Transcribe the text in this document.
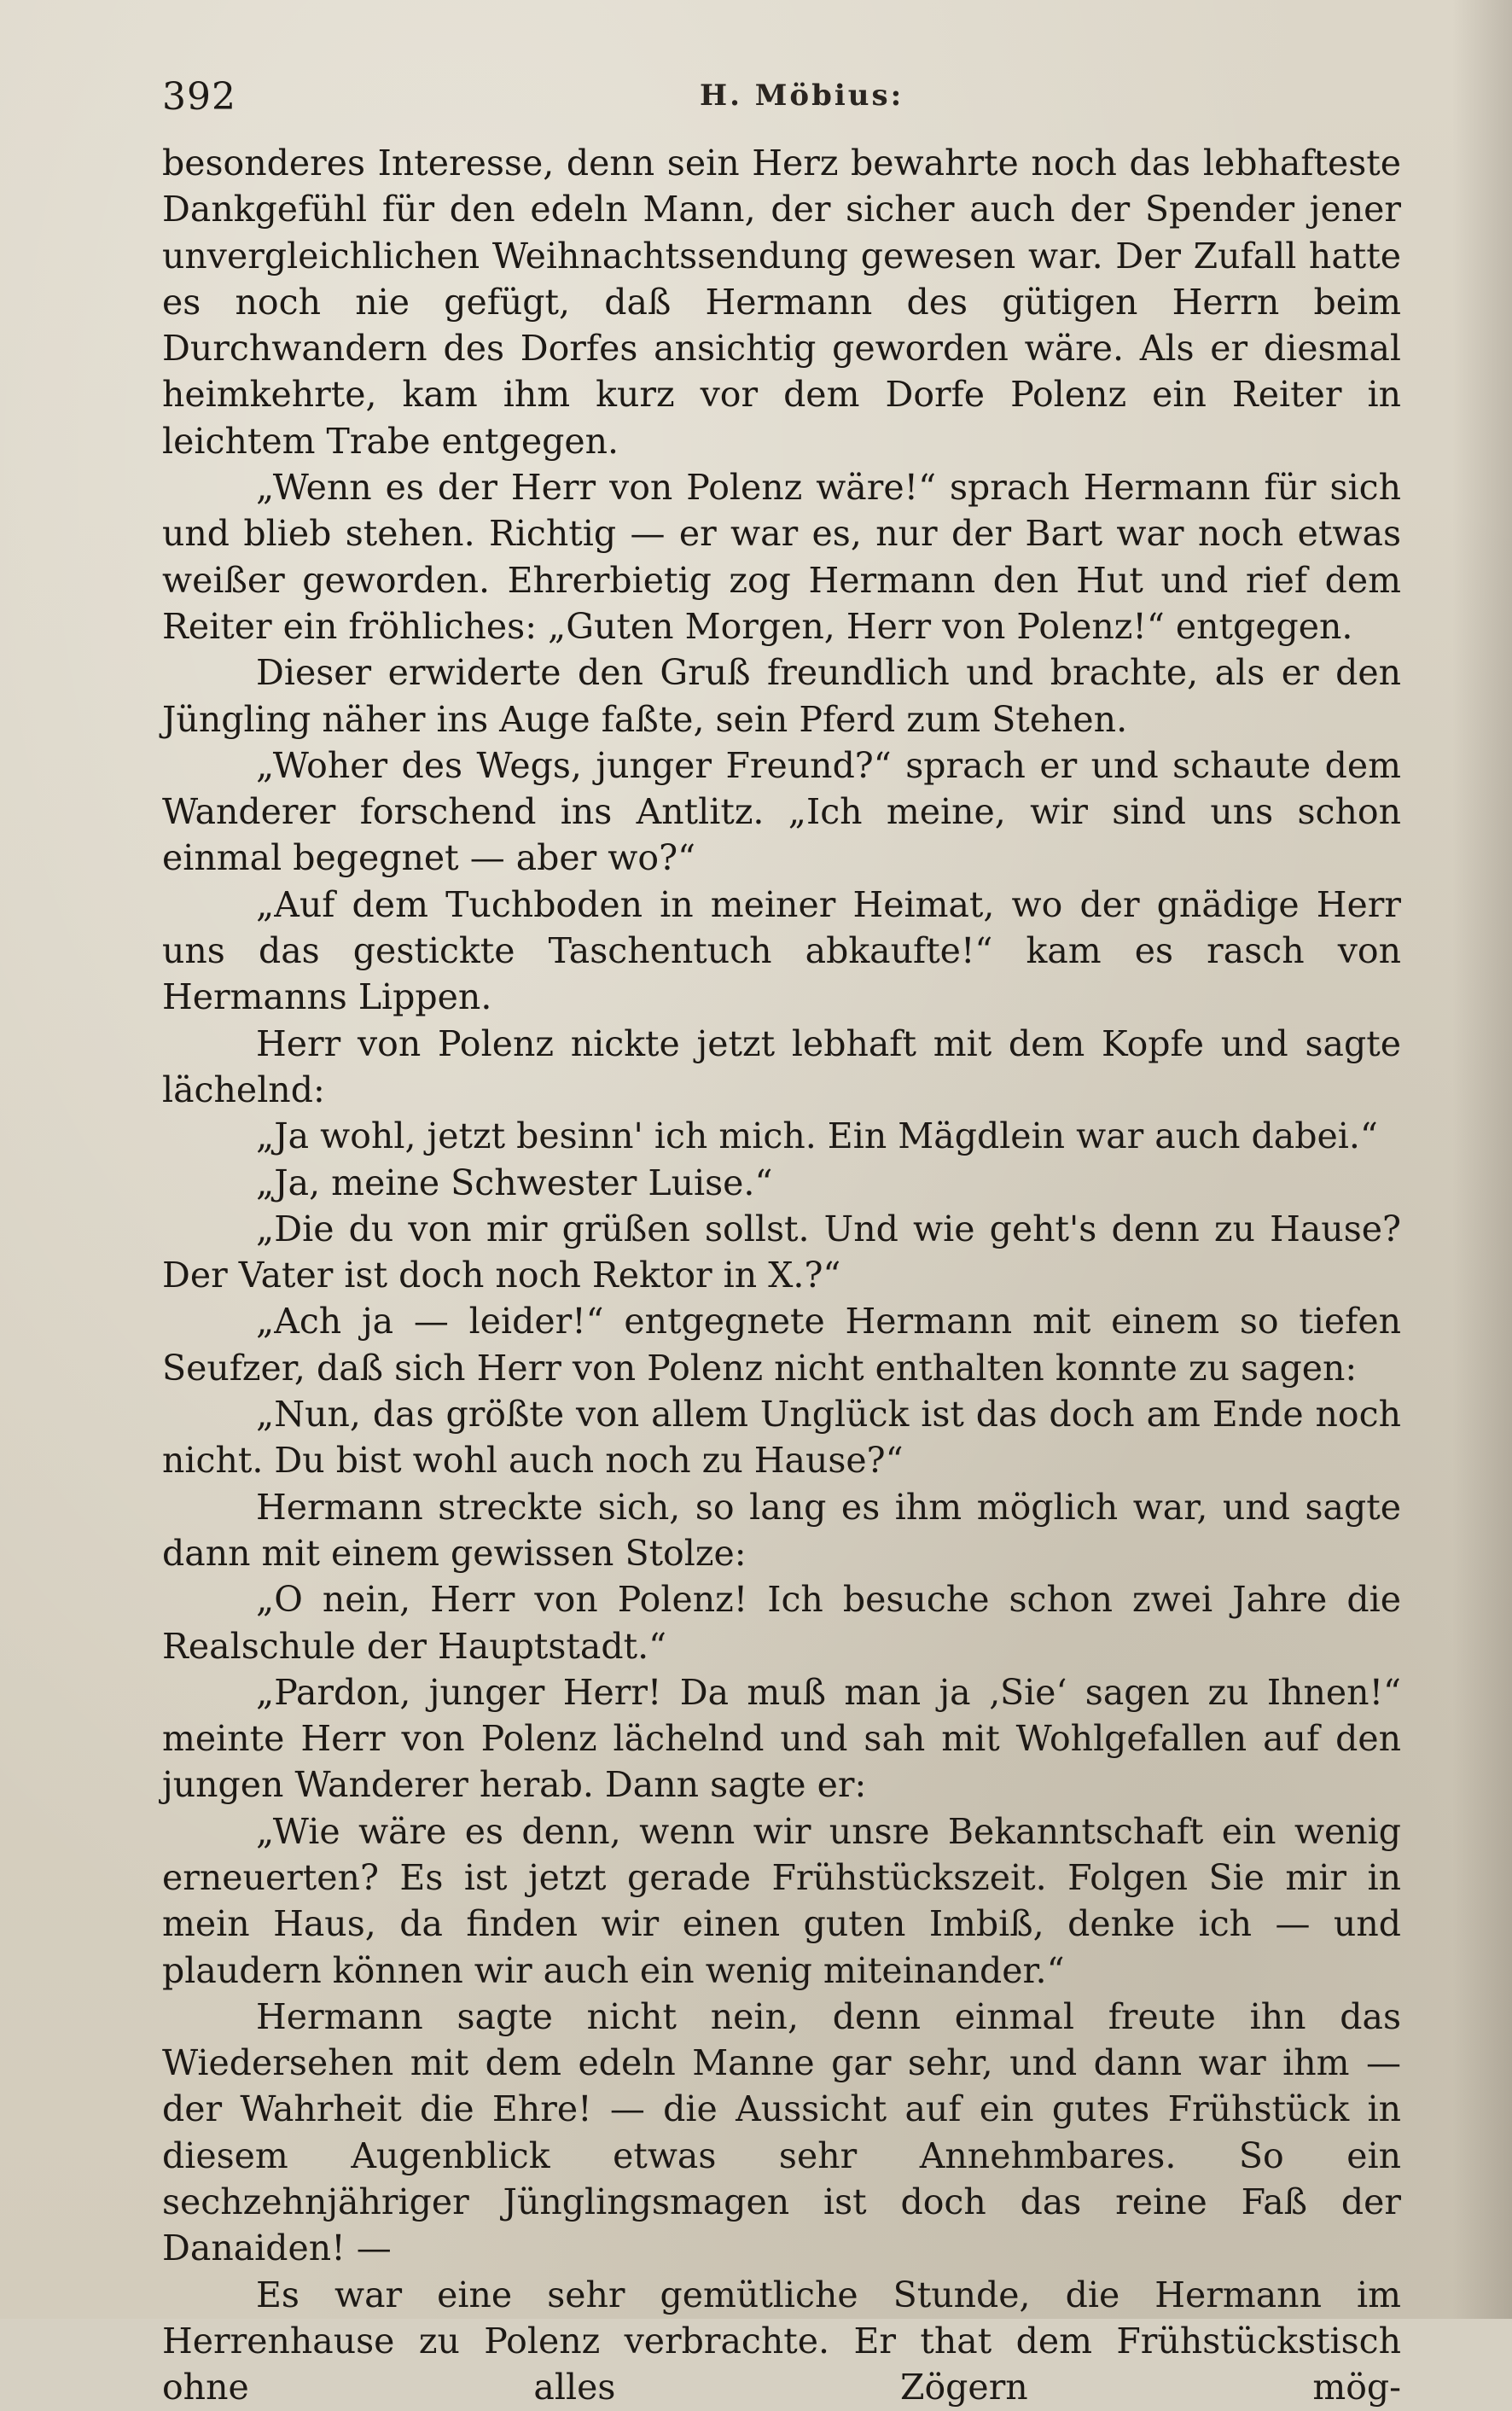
392	H. Möbius:

besonderes Interesse, denn sein Herz bewahrte noch das lebhafteste Dankgefühl für den edeln Mann, der sicher auch der Spender jener unvergleichlichen Weihnachtssendung gewesen war. Der Zufall hatte es noch nie gefügt, daß Hermann des gütigen Herrn beim Durchwandern des Dorfes ansichtig geworden wäre. Als er diesmal heimkehrte, kam ihm kurz vor dem Dorfe Polenz ein Reiter in leichtem Trabe entgegen.

„Wenn es der Herr von Polenz wäre!“ sprach Hermann für sich und blieb stehen. Richtig — er war es, nur der Bart war noch etwas weißer geworden. Ehrerbietig zog Hermann den Hut und rief dem Reiter ein fröhliches: „Guten Morgen, Herr von Polenz!“ entgegen.

Dieser erwiderte den Gruß freundlich und brachte, als er den Jüngling näher ins Auge faßte, sein Pferd zum Stehen.

„Woher des Wegs, junger Freund?“ sprach er und schaute dem Wanderer forschend ins Antlitz. „Ich meine, wir sind uns schon einmal begegnet — aber wo?“

„Auf dem Tuchboden in meiner Heimat, wo der gnädige Herr uns das gestickte Taschentuch abkaufte!“ kam es rasch von Hermanns Lippen.

Herr von Polenz nickte jetzt lebhaft mit dem Kopfe und sagte lächelnd:

„Ja wohl, jetzt besinn' ich mich. Ein Mägdlein war auch dabei.“

„Ja, meine Schwester Luise.“

„Die du von mir grüßen sollst. Und wie geht's denn zu Hause? Der Vater ist doch noch Rektor in X.?“

„Ach ja — leider!“ entgegnete Hermann mit einem so tiefen Seufzer, daß sich Herr von Polenz nicht enthalten konnte zu sagen:

„Nun, das größte von allem Unglück ist das doch am Ende noch nicht. Du bist wohl auch noch zu Hause?“

Hermann streckte sich, so lang es ihm möglich war, und sagte dann mit einem gewissen Stolze:

„O nein, Herr von Polenz! Ich besuche schon zwei Jahre die Realschule der Hauptstadt.“

„Pardon, junger Herr! Da muß man ja ‚Sie‘ sagen zu Ihnen!“ meinte Herr von Polenz lächelnd und sah mit Wohlgefallen auf den jungen Wanderer herab. Dann sagte er:

„Wie wäre es denn, wenn wir unsre Bekanntschaft ein wenig erneuerten? Es ist jetzt gerade Frühstückszeit. Folgen Sie mir in mein Haus, da finden wir einen guten Imbiß, denke ich — und plaudern können wir auch ein wenig miteinander.“

Hermann sagte nicht nein, denn einmal freute ihn das Wiedersehen mit dem edeln Manne gar sehr, und dann war ihm — der Wahrheit die Ehre! — die Aussicht auf ein gutes Frühstück in diesem Augenblick etwas sehr Annehmbares. So ein sechzehnjähriger Jünglingsmagen ist doch das reine Faß der Danaiden! —

Es war eine sehr gemütliche Stunde, die Hermann im Herrenhause zu Polenz verbrachte. Er that dem Frühstückstisch ohne alles Zögern mög-
